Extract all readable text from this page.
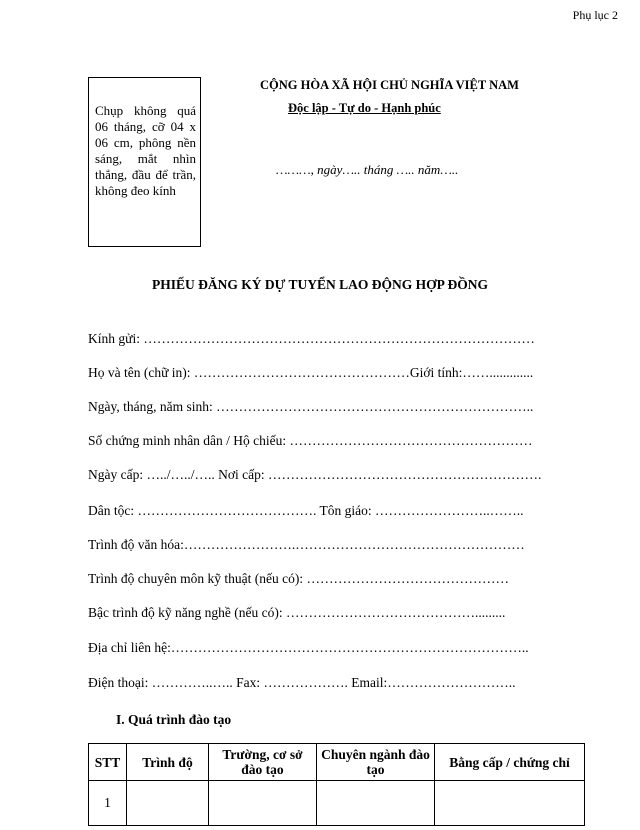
Phụ lục 2
Chụp không quá 06 tháng, cỡ 04 x 06 cm, phông nền sáng, mắt nhìn thẳng, đầu để trần, không đeo kính
CỘNG HÒA XÃ HỘI CHỦ NGHĨA VIỆT NAM
Độc lập - Tự do - Hạnh phúc
………, ngày….. tháng ….. năm…..
PHIẾU ĐĂNG KÝ DỰ TUYỂN LAO ĐỘNG HỢP ĐỒNG
Kính gửi: ……………………………………………………………………………
Họ và tên (chữ in): …………………………………………Giới tính:…….............
Ngày, tháng, năm sinh: ……………………………………………………………..
Số chứng minh nhân dân / Hộ chiếu: ………………………………………………
Ngày cấp: …../…../….. Nơi cấp: …………………………………………………….
Dân tộc: …………………………………. Tôn giáo: ……………………..……..
Trình độ văn hóa:…………………….……………………………………………
Trình độ chuyên môn kỹ thuật (nếu có): ………………………………………
Bậc trình độ kỹ năng nghề (nếu có): …………………………………….........
Địa chỉ liên hệ:……………………………………………………………………..
Điện thoại: …………..….. Fax: ………………. Email:………………………..
I. Quá trình đào tạo
STT	Trình độ	Trường, cơ sở đào tạo	Chuyên ngành đào tạo	Bằng cấp / chứng chỉ
1				
